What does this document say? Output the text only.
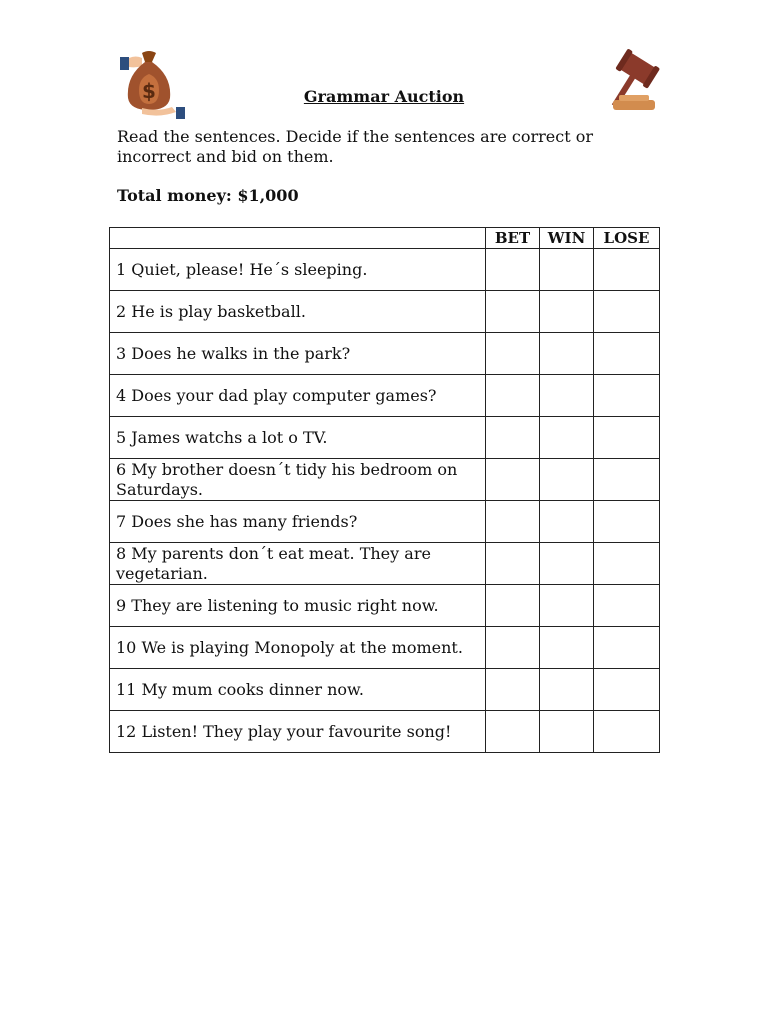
$	Grammar Auction
Read the sentences. Decide if the sentences are correct or incorrect and bid on them.
Total money: $1,000
	BET	WIN	LOSE
1 Quiet, please! He´s sleeping.			
2 He is play basketball.			
3 Does he walks in the park?			
4 Does your dad play computer games?			
5 James watchs a lot o TV.			
6 My brother doesn´t tidy his bedroom on Saturdays.			
7 Does she has many friends?			
8 My parents don´t eat meat. They are vegetarian.			
9 They are listening to music right now.			
10 We is playing Monopoly at the moment.			
11 My mum cooks dinner now.			
12 Listen! They play your favourite song!			
